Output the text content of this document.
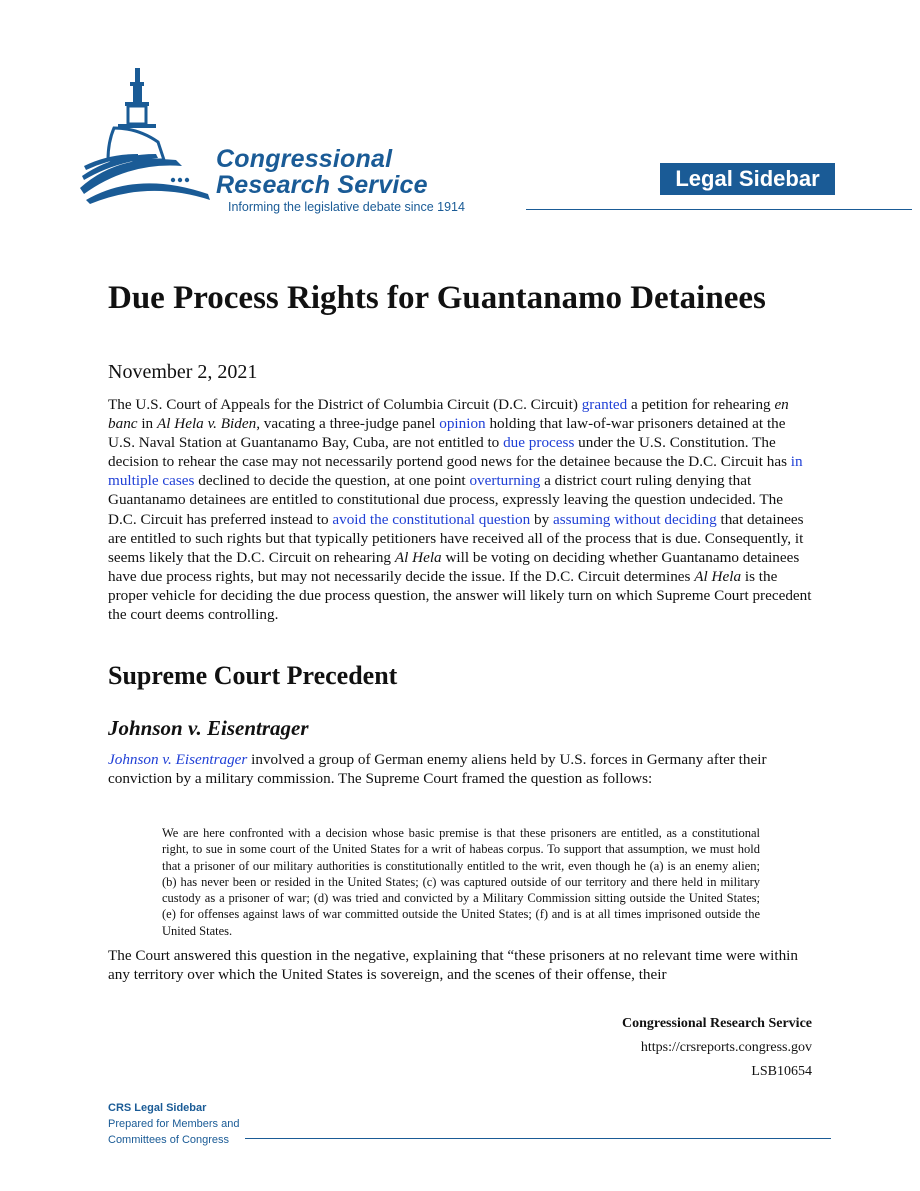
Congressional
Research Service
Informing the legislative debate since 1914
Legal Sidebar
Due Process Rights for Guantanamo Detainees
November 2, 2021

The U.S. Court of Appeals for the District of Columbia Circuit (D.C. Circuit) granted a petition for rehearing en banc in Al Hela v. Biden, vacating a three-judge panel opinion holding that law-of-war prisoners detained at the U.S. Naval Station at Guantanamo Bay, Cuba, are not entitled to due process under the U.S. Constitution. The decision to rehear the case may not necessarily portend good news for the detainee because the D.C. Circuit has in multiple cases declined to decide the question, at one point overturning a district court ruling denying that Guantanamo detainees are entitled to constitutional due process, expressly leaving the question undecided. The D.C. Circuit has preferred instead to avoid the constitutional question by assuming without deciding that detainees are entitled to such rights but that typically petitioners have received all of the process that is due. Consequently, it seems likely that the D.C. Circuit on rehearing Al Hela will be voting on deciding whether Guantanamo detainees have due process rights, but may not necessarily decide the issue. If the D.C. Circuit determines Al Hela is the proper vehicle for deciding the due process question, the answer will likely turn on which Supreme Court precedent the court deems controlling.

Supreme Court Precedent
Johnson v. Eisentrager

Johnson v. Eisentrager involved a group of German enemy aliens held by U.S. forces in Germany after their conviction by a military commission. The Supreme Court framed the question as follows:

We are here confronted with a decision whose basic premise is that these prisoners are entitled, as a constitutional right, to sue in some court of the United States for a writ of habeas corpus. To support that assumption, we must hold that a prisoner of our military authorities is constitutionally entitled to the writ, even though he (a) is an enemy alien; (b) has never been or resided in the United States; (c) was captured outside of our territory and there held in military custody as a prisoner of war; (d) was tried and convicted by a Military Commission sitting outside the United States; (e) for offenses against laws of war committed outside the United States; (f) and is at all times imprisoned outside the United States.

The Court answered this question in the negative, explaining that “these prisoners at no relevant time were within any territory over which the United States is sovereign, and the scenes of their offense, their

Congressional Research Service
https://crsreports.congress.gov
LSB10654
CRS Legal Sidebar
Prepared for Members and
Committees of Congress
